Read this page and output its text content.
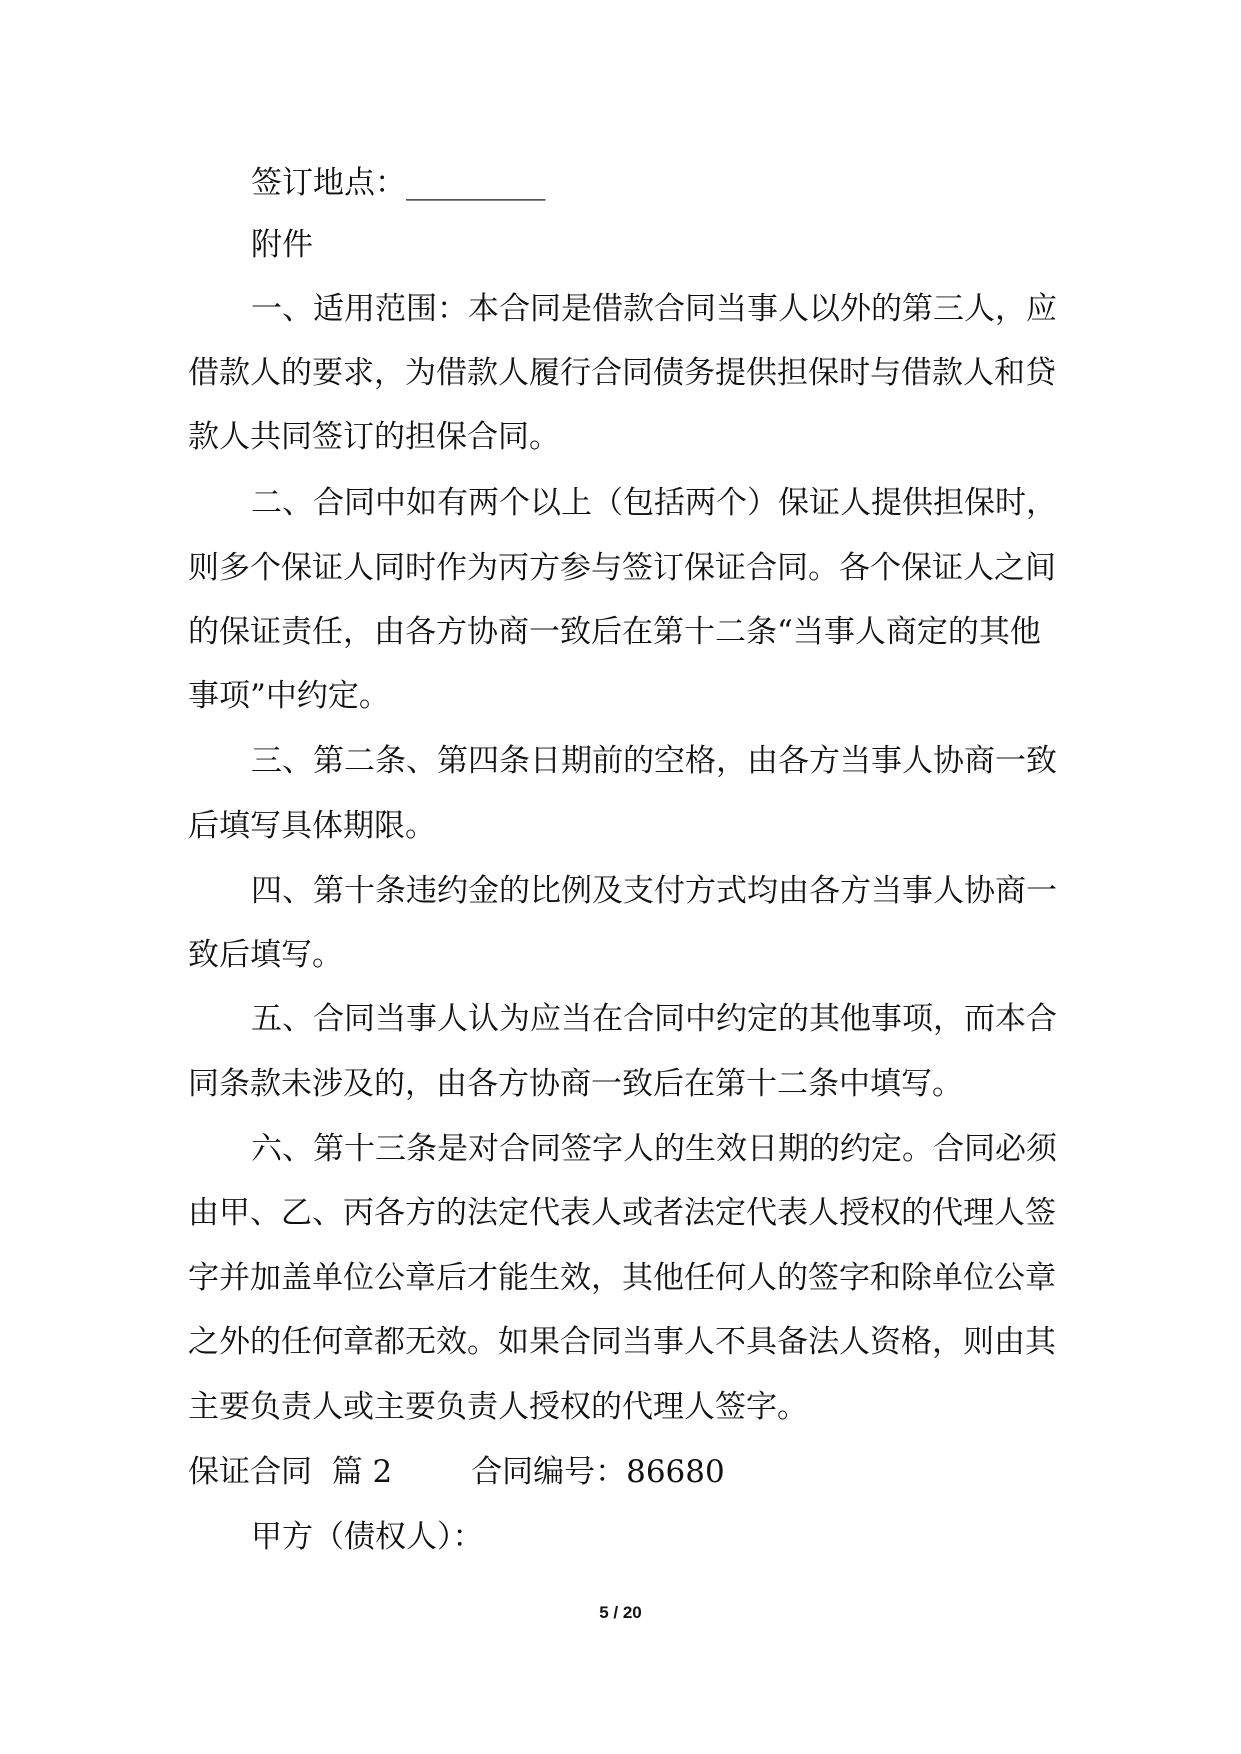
签订地点：_________
附件
一、适用范围：本合同是借款合同当事人以外的第三人，应
借款人的要求，为借款人履行合同债务提供担保时与借款人和贷
款人共同签订的担保合同。
二、合同中如有两个以上（包括两个）保证人提供担保时，
则多个保证人同时作为丙方参与签订保证合同。各个保证人之间
的保证责任，由各方协商一致后在第十二条“当事人商定的其他
事项”中约定。
三、第二条、第四条日期前的空格，由各方当事人协商一致
后填写具体期限。
四、第十条违约金的比例及支付方式均由各方当事人协商一
致后填写。
五、合同当事人认为应当在合同中约定的其他事项，而本合
同条款未涉及的，由各方协商一致后在第十二条中填写。
六、第十三条是对合同签字人的生效日期的约定。合同必须
由甲、乙、丙各方的法定代表人或者法定代表人授权的代理人签
字并加盖单位公章后才能生效，其他任何人的签字和除单位公章
之外的任何章都无效。如果合同当事人不具备法人资格，则由其
主要负责人或主要负责人授权的代理人签字。
保证合同  篇 2        合同编号：86680
甲方（债权人）：
5 / 20
